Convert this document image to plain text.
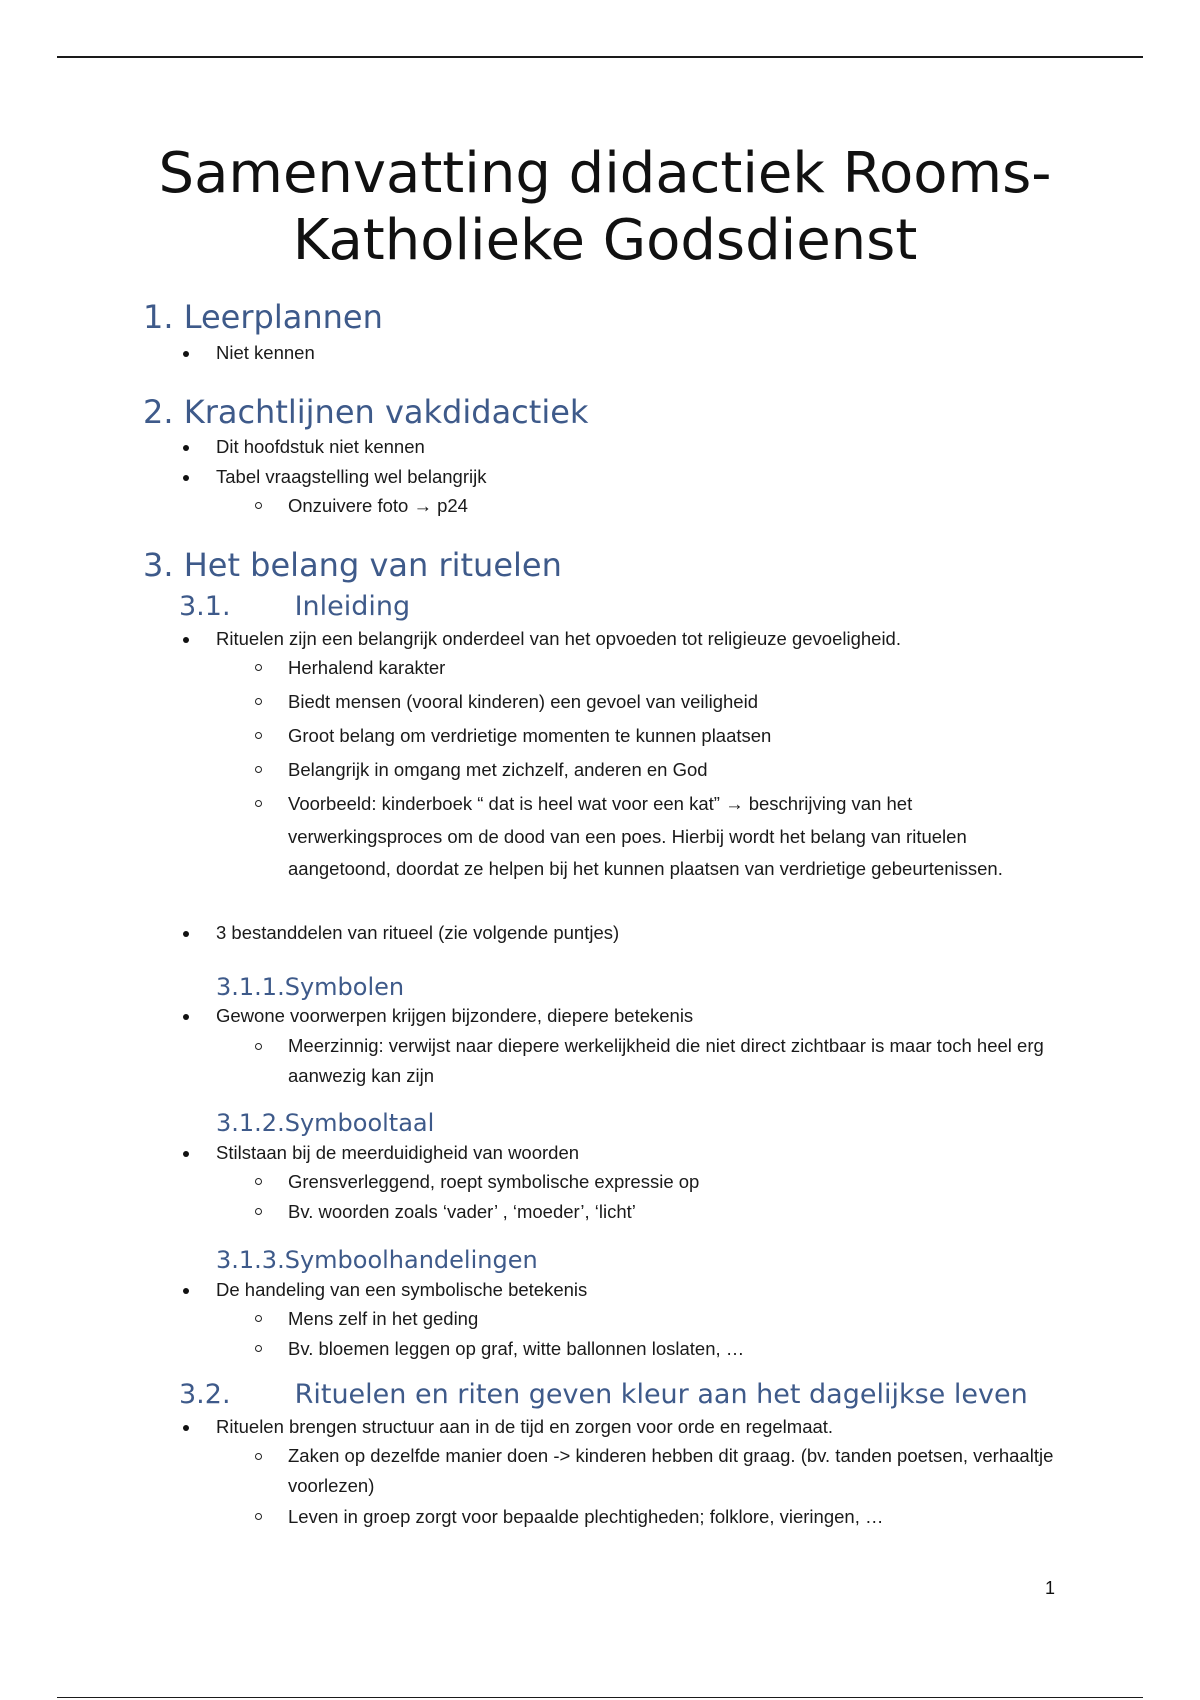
Samenvatting didactiek Rooms-Katholieke Godsdienst
1. Leerplannen
Niet kennen
2. Krachtlijnen vakdidactiek
Dit hoofdstuk niet kennen
Tabel vraagstelling wel belangrijk
Onzuivere foto → p24
3. Het belang van rituelen
3.1. Inleiding
Rituelen zijn een belangrijk onderdeel van het opvoeden tot religieuze gevoeligheid.
Herhalend karakter
Biedt mensen (vooral kinderen) een gevoel van veiligheid
Groot belang om verdrietige momenten te kunnen plaatsen
Belangrijk in omgang met zichzelf, anderen en God
Voorbeeld: kinderboek “ dat is heel wat voor een kat” → beschrijving van het verwerkingsproces om de dood van een poes. Hierbij wordt het belang van rituelen aangetoond, doordat ze helpen bij het kunnen plaatsen van verdrietige gebeurtenissen.
3 bestanddelen van ritueel (zie volgende puntjes)
3.1.1.Symbolen
Gewone voorwerpen krijgen bijzondere, diepere betekenis
Meerzinnig: verwijst naar diepere werkelijkheid die niet direct zichtbaar is maar toch heel erg aanwezig kan zijn
3.1.2.Symbooltaal
Stilstaan bij de meerduidigheid van woorden
Grensverleggend, roept symbolische expressie op
Bv. woorden zoals ‘vader’ , ‘moeder’, ‘licht’
3.1.3.Symboolhandelingen
De handeling van een symbolische betekenis
Mens zelf in het geding
Bv. bloemen leggen op graf, witte ballonnen loslaten, …
3.2. Rituelen en riten geven kleur aan het dagelijkse leven
Rituelen brengen structuur aan in de tijd en zorgen voor orde en regelmaat.
Zaken op dezelfde manier doen -> kinderen hebben dit graag. (bv. tanden poetsen, verhaaltje voorlezen)
Leven in groep zorgt voor bepaalde plechtigheden; folklore, vieringen, …
1
